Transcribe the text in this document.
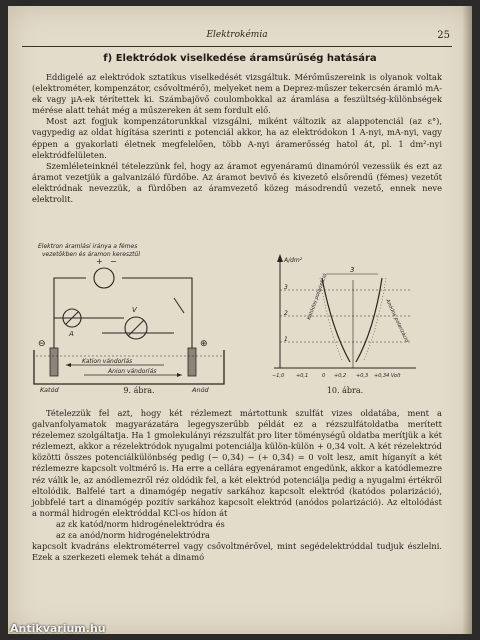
Elektrokémia	25
f) Elektródok viselkedése áramsűrűség hatására

Eddigelé az elektródok sztatikus viselkedését vizsgáltuk. Mérőműszereink is olyanok voltak (elektrométer, kompenzátor, csővoltmérő), melyeket nem a Deprez-műszer tekercsén áramló mA-ek vagy µA-ek térítettek ki. Számbajövő coulombokkal az áramlása a feszültség-különbségek mérése alatt tehát még a műszereken át sem fordult elő.

Most azt fogjuk kompenzátorunkkal vizsgálni, miként változik az alappotenciál (az ε°), vagypedig az oldat hígítása szerinti ε potenciál akkor, ha az elektródokon 1 A-nyi, mA-nyi, vagy éppen a gyakorlati életnek megfelelően, több A-nyi áramerősség hatol át, pl. 1 dm²-nyi elektródfelületen.

Szemléleteinknél tételezzünk fel, hogy az áramot egyenáramú dinamóról vezessük és ezt az áramot vezetjük a galvanizáló fürdőbe. Az áramot bevivő és kivezető elsőrendű (fémes) vezetőt elektródnak nevezzük, a fürdőben az áramvezető közeg másodrendű vezető, ennek neve elektrolit.

Elektron áramlási iránya a fémes
vezetőkben és áramon keresztül
+ −
A
V
⊖	⊕
Kation vándorlás
Anion vándorlás
Katód	Anód
A/dm²
3
2
1
3
Katódos polarizáció
Anódos polarizáció
−1,0 +0,1	0 +0,2 +0,3 +0,34 Volt
9. ábra.	10. ábra.

Tételezzük fel azt, hogy két rézlemezt mártottunk szulfát vizes oldatába, ment a galvanfolyamatok magyarázatára legegyszerűbb példát ez a rézszulfátoldatba merített rézelemez szolgáltatja. Ha 1 gmolekulányi rézszulfát pro liter töménységű oldatba merítjük a két rézlemezt, akkor a rézelektródok nyugalmi potenciálja külön-külön + 0,34 volt. A két rézelektród közötti összes potenciálkülönbség pedig (− 0,34) − (+ 0,34) = 0 volt lesz, amit híganyít a két rézlemezre kapcsolt voltmérő is. Ha erre a cellára egyenáramot engedünk, akkor a katódlemezre réz válik le, az anódlemezről réz oldódik fel, a két elektród potenciálja pedig a nyugalmi értékről eltolódik. Balfelé tart a dinamógép negatív sarkához kapcsolt elektród (katódos polarizáció), jobbfelé tart a dinamógép pozitív sarkához kapcsolt elektród (anódos polarizáció). Az eltolódást a normál hidrogén elektróddal KCl-os hídon át

az εk katód/norm hidrogénelektródra és

az εa anód/norm hidrogénelektródra

kapcsolt kvadráns elektrométerrel vagy csővoltmérővel, mint segédelektróddal tudjuk észlelni. Ezek a szerkezeti elemek tehát a dinamó

Antikvarium.hu
